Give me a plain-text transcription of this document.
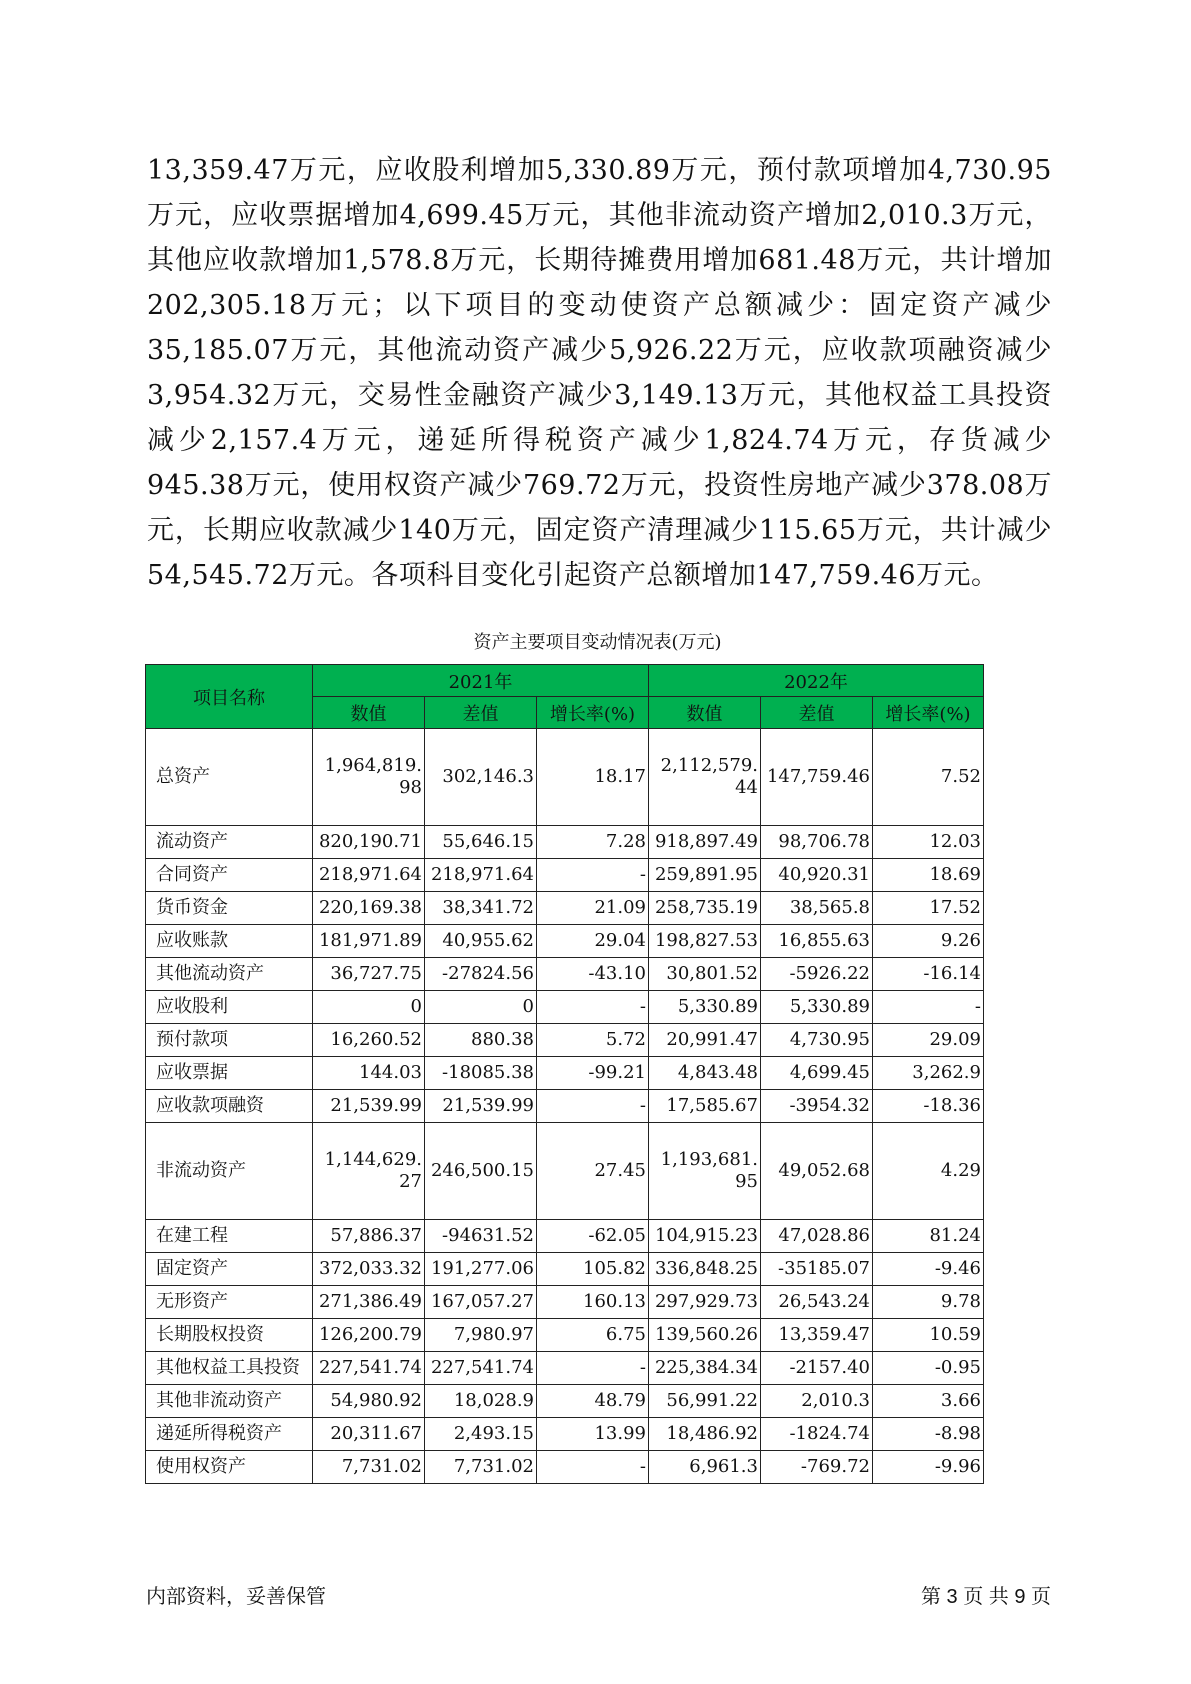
13,359.47万元，应收股利增加5,330.89万元，预付款项增加4,730.95万元，应收票据增加4,699.45万元，其他非流动资产增加2,010.3万元，其他应收款增加1,578.8万元，长期待摊费用增加681.48万元，共计增加202,305.18万元；以下项目的变动使资产总额减少：固定资产减少35,185.07万元，其他流动资产减少5,926.22万元，应收款项融资减少3,954.32万元，交易性金融资产减少3,149.13万元，其他权益工具投资减少2,157.4万元，递延所得税资产减少1,824.74万元，存货减少945.38万元，使用权资产减少769.72万元，投资性房地产减少378.08万元，长期应收款减少140万元，固定资产清理减少115.65万元，共计减少54,545.72万元。各项科目变化引起资产总额增加147,759.46万元。

资产主要项目变动情况表(万元)
项目名称	2021年			2022年		
	数值	差值	增长率(%)	数值	差值	增长率(%)
总资产	1,964,819.98	302,146.3	18.17	2,112,579.44	147,759.46	7.52
流动资产	820,190.71	55,646.15	7.28	918,897.49	98,706.78	12.03
合同资产	218,971.64	218,971.64	-	259,891.95	40,920.31	18.69
货币资金	220,169.38	38,341.72	21.09	258,735.19	38,565.8	17.52
应收账款	181,971.89	40,955.62	29.04	198,827.53	16,855.63	9.26
其他流动资产	36,727.75	-27824.56	-43.10	30,801.52	-5926.22	-16.14
应收股利	0	0	-	5,330.89	5,330.89	-
预付款项	16,260.52	880.38	5.72	20,991.47	4,730.95	29.09
应收票据	144.03	-18085.38	-99.21	4,843.48	4,699.45	3,262.9
应收款项融资	21,539.99	21,539.99	-	17,585.67	-3954.32	-18.36
非流动资产	1,144,629.27	246,500.15	27.45	1,193,681.95	49,052.68	4.29
在建工程	57,886.37	-94631.52	-62.05	104,915.23	47,028.86	81.24
固定资产	372,033.32	191,277.06	105.82	336,848.25	-35185.07	-9.46
无形资产	271,386.49	167,057.27	160.13	297,929.73	26,543.24	9.78
长期股权投资	126,200.79	7,980.97	6.75	139,560.26	13,359.47	10.59
其他权益工具投资	227,541.74	227,541.74	-	225,384.34	-2157.40	-0.95
其他非流动资产	54,980.92	18,028.9	48.79	56,991.22	2,010.3	3.66
递延所得税资产	20,311.67	2,493.15	13.99	18,486.92	-1824.74	-8.98
使用权资产	7,731.02	7,731.02	-	6,961.3	-769.72	-9.96
内部资料，妥善保管	第 3 页 共 9 页
